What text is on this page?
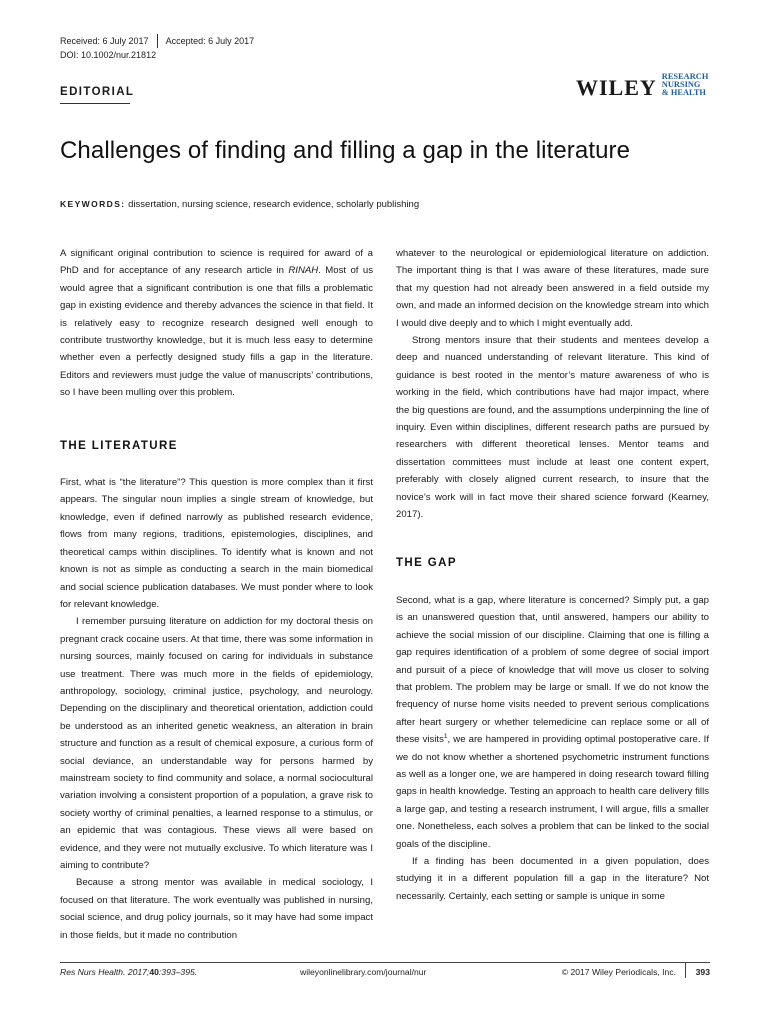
Received: 6 July 2017 Accepted: 6 July 2017
DOI: 10.1002/nur.21812
EDITORIAL	WILEY RESEARCH
NURSING
& HEALTH
Challenges of finding and filling a gap in the literature
KEYWORDS: dissertation, nursing science, research evidence, scholarly publishing

A significant original contribution to science is required for award of a PhD and for acceptance of any research article in RINAH. Most of us would agree that a significant contribution is one that fills a problematic gap in existing evidence and thereby advances the science in that field. It is relatively easy to recognize research designed well enough to contribute trustworthy knowledge, but it is much less easy to determine whether even a perfectly designed study fills a gap in the literature. Editors and reviewers must judge the value of manuscripts’ contributions, so I have been mulling over this problem.

THE LITERATURE

First, what is “the literature”? This question is more complex than it first appears. The singular noun implies a single stream of knowledge, but knowledge, even if defined narrowly as published research evidence, flows from many regions, traditions, epistemologies, disciplines, and theoretical camps within disciplines. To identify what is known and not known is not as simple as conducting a search in the main biomedical and social science publication databases. We must ponder where to look for relevant knowledge.

I remember pursuing literature on addiction for my doctoral thesis on pregnant crack cocaine users. At that time, there was some information in nursing sources, mainly focused on caring for individuals in substance use treatment. There was much more in the fields of epidemiology, anthropology, sociology, criminal justice, psychology, and neurology. Depending on the disciplinary and theoretical orientation, addiction could be understood as an inherited genetic weakness, an alteration in brain structure and function as a result of chemical exposure, a curious form of social deviance, an understandable way for persons harmed by mainstream society to find community and solace, a normal sociocultural variation involving a consistent proportion of a population, a grave risk to society worthy of criminal penalties, a learned response to a stimulus, or an epidemic that was contagious. These views all were based on evidence, and they were not mutually exclusive. To which literature was I aiming to contribute?

Because a strong mentor was available in medical sociology, I focused on that literature. The work eventually was published in nursing, social science, and drug policy journals, so it may have had some impact in those fields, but it made no contribution

whatever to the neurological or epidemiological literature on addiction. The important thing is that I was aware of these literatures, made sure that my question had not already been answered in a field outside my own, and made an informed decision on the knowledge stream into which I would dive deeply and to which I might eventually add.

Strong mentors insure that their students and mentees develop a deep and nuanced understanding of relevant literature. This kind of guidance is best rooted in the mentor’s mature awareness of who is working in the field, which contributions have had major impact, where the big questions are found, and the assumptions underpinning the line of inquiry. Even within disciplines, different research paths are pursued by researchers with different theoretical lenses. Mentor teams and dissertation committees must include at least one content expert, preferably with closely aligned current research, to insure that the novice’s work will in fact move their shared science forward (Kearney, 2017).

THE GAP

Second, what is a gap, where literature is concerned? Simply put, a gap is an unanswered question that, until answered, hampers our ability to achieve the social mission of our discipline. Claiming that one is filling a gap requires identification of a problem of some degree of social import and pursuit of a piece of knowledge that will move us closer to solving that problem. The problem may be large or small. If we do not know the frequency of nurse home visits needed to prevent serious complications after heart surgery or whether telemedicine can replace some or all of these visits$^1$, we are hampered in providing optimal postoperative care. If we do not know whether a shortened psychometric instrument functions as well as a longer one, we are hampered in doing research toward filling gaps in health knowledge. Testing an approach to health care delivery fills a large gap, and testing a research instrument, I will argue, fills a smaller one. Nonetheless, each solves a problem that can be linked to the social goals of the discipline.

If a finding has been documented in a given population, does studying it in a different population fill a gap in the literature? Not necessarily. Certainly, each setting or sample is unique in some

Res Nurs Health. 2017;40:393–395.	wileyonlinelibrary.com/journal/nur	© 2017 Wiley Periodicals, Inc. 393
